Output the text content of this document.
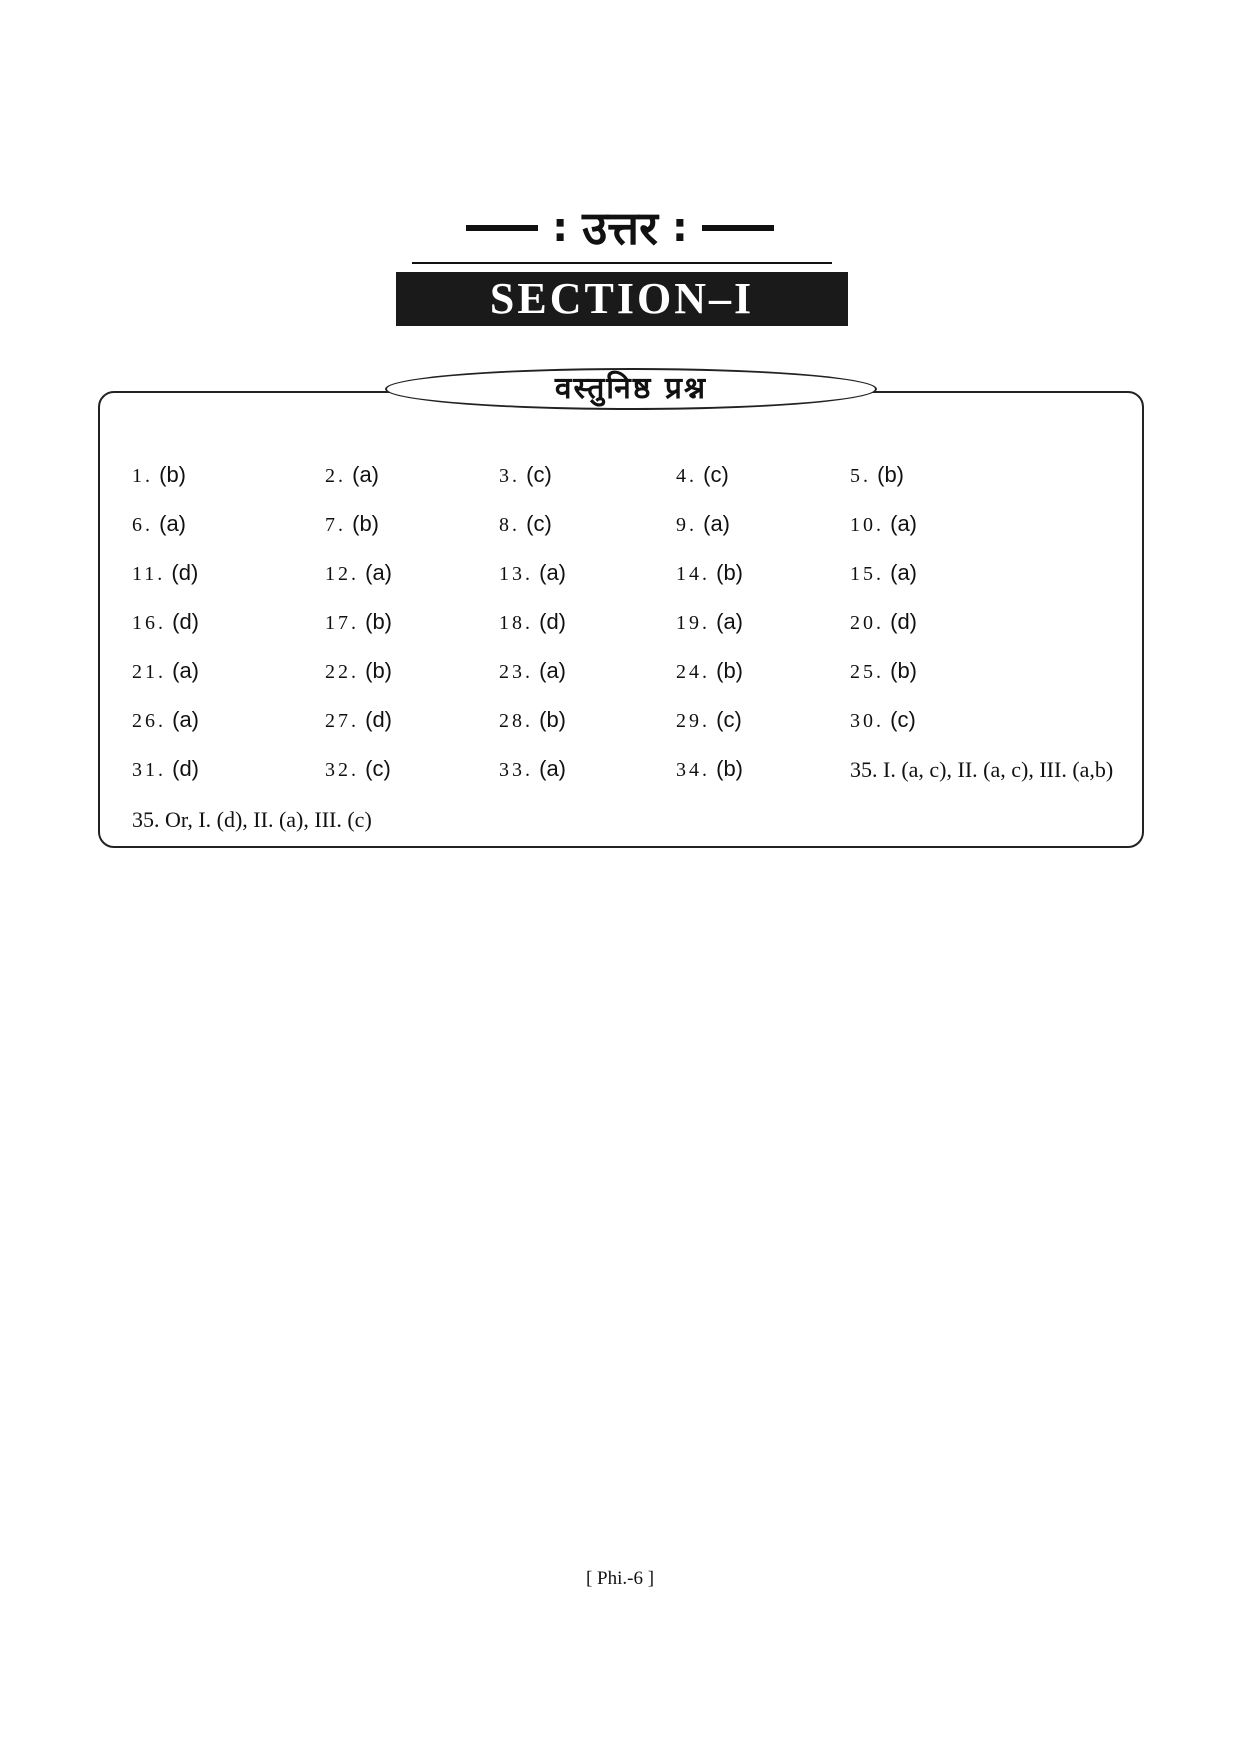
: उत्तर :
SECTION–I
वस्तुनिष्ठ प्रश्न
1. (b)	2. (a)	3. (c)	4. (c)	5. (b)
6. (a)	7. (b)	8. (c)	9. (a)	10. (a)
11. (d)	12. (a)	13. (a)	14. (b)	15. (a)
16. (d)	17. (b)	18. (d)	19. (a)	20. (d)
21. (a)	22. (b)	23. (a)	24. (b)	25. (b)
26. (a)	27. (d)	28. (b)	29. (c)	30. (c)
31. (d)	32. (c)	33. (a)	34. (b)	35. I. (a, c), II. (a, c), III. (a,b)
35. Or, I. (d), II. (a), III. (c)
[ Phi.-6 ]
